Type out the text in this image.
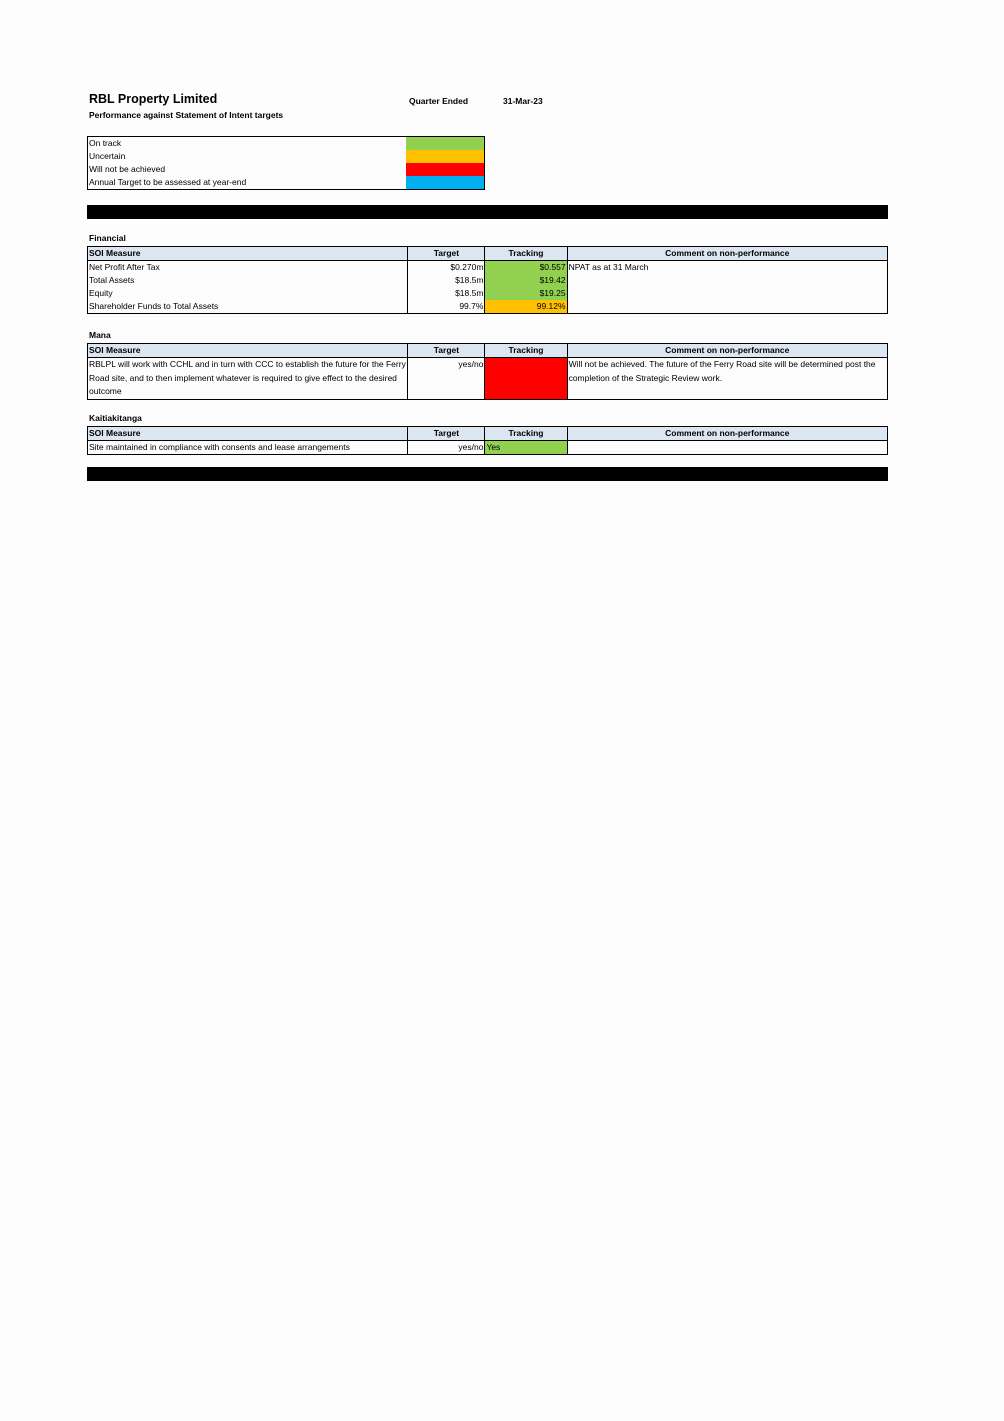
RBL Property Limited
Performance against Statement of Intent targets
Quarter Ended	31-Mar-23
On track	
Uncertain	
Will not be achieved	
Annual Target to be assessed at year-end	
Financial
SOI Measure	Target	Tracking	Comment on non-performance
Net Profit After Tax	$0.270m	$0.557	NPAT as at 31 March
Total Assets	$18.5m	$19.42	
Equity	$18.5m	$19.25	
Shareholder Funds to Total Assets	99.7%	99.12%	
Mana
SOI Measure	Target	Tracking	Comment on non-performance
RBLPL will work with CCHL and in turn with CCC to establish the future for the Ferry Road site, and to then implement whatever is required to give effect to the desired outcome	yes/no		Will not be achieved. The future of the Ferry Road site will be determined post the completion of the Strategic Review work.
Kaitiakitanga
SOI Measure	Target	Tracking	Comment on non-performance
Site maintained in compliance with consents and lease arrangements	yes/no	Yes	
